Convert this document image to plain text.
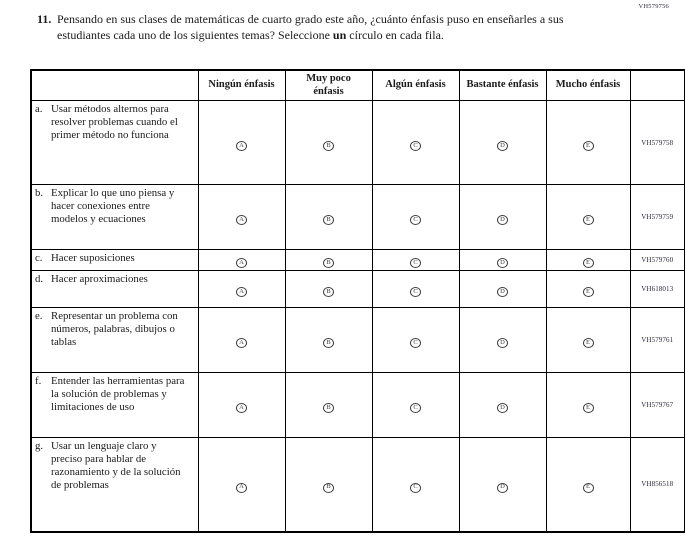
VH579756
11. Pensando en sus clases de matemáticas de cuarto grado este año, ¿cuánto énfasis puso en enseñarles a sus estudiantes cada uno de los siguientes temas? Seleccione un círculo en cada fila.
	Ningún énfasis	Muy poco énfasis	Algún énfasis	Bastante énfasis	Mucho énfasis	

a. Usar métodos alternos para resolver problemas cuando el primer método no funciona	A	B	C	D	E	VH579758

b. Explicar lo que uno piensa y hacer conexiones entre modelos y ecuaciones	A	B	C	D	E	VH579759

c. Hacer suposiciones	A	B	C	D	E	VH579760

d. Hacer aproximaciones	A	B	C	D	E	VH618013

e. Representar un problema con números, palabras, dibujos o tablas	A	B	C	D	E	VH579761

f. Entender las herramientas para la solución de problemas y limitaciones de uso	A	B	C	D	E	VH579767

g. Usar un lenguaje claro y preciso para hablar de razonamiento y de la solución de problemas	A	B	C	D	E	VH856518
